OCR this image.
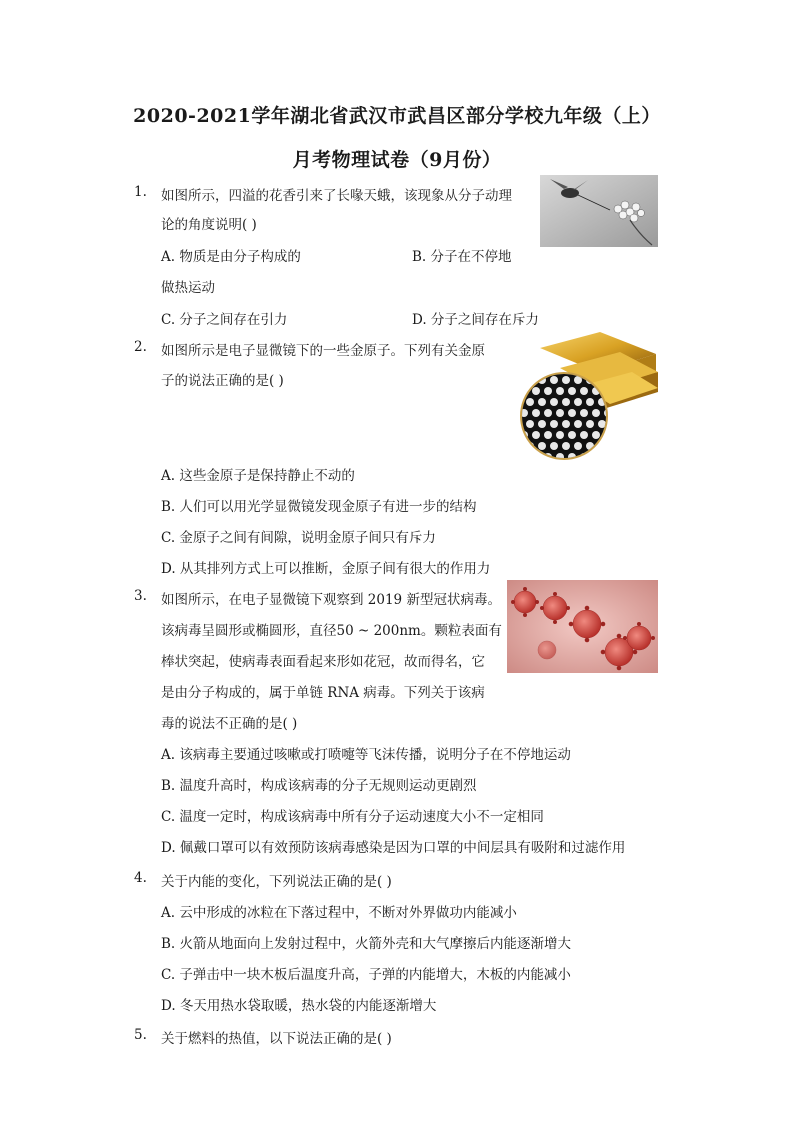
2020-2021学年湖北省武汉市武昌区部分学校九年级（上）
月考物理试卷（9月份）
1.	如图所示，四溢的花香引来了长喙天蛾，该现象从分子动理
论的角度说明( )
A. 物质是由分子构成的	B. 分子在不停地
做热运动
C. 分子之间存在引力	D. 分子之间存在斥力
2.	如图所示是电子显微镜下的一些金原子。下列有关金原
子的说法正确的是( )
A. 这些金原子是保持静止不动的
B. 人们可以用光学显微镜发现金原子有进一步的结构
C. 金原子之间有间隙，说明金原子间只有斥力
D. 从其排列方式上可以推断，金原子间有很大的作用力
3.	如图所示，在电子显微镜下观察到 2019 新型冠状病毒。
该病毒呈圆形或椭圆形，直径50 ~ 200nm。颗粒表面有
棒状突起，使病毒表面看起来形如花冠，故而得名，它
是由分子构成的，属于单链 RNA 病毒。下列关于该病
毒的说法不正确的是( )
A. 该病毒主要通过咳嗽或打喷嚏等飞沫传播，说明分子在不停地运动
B. 温度升高时，构成该病毒的分子无规则运动更剧烈
C. 温度一定时，构成该病毒中所有分子运动速度大小不一定相同
D. 佩戴口罩可以有效预防该病毒感染是因为口罩的中间层具有吸附和过滤作用
4.	关于内能的变化，下列说法正确的是( )
A. 云中形成的冰粒在下落过程中，不断对外界做功内能减小
B. 火箭从地面向上发射过程中，火箭外壳和大气摩擦后内能逐渐增大
C. 子弹击中一块木板后温度升高，子弹的内能增大，木板的内能减小
D. 冬天用热水袋取暖，热水袋的内能逐渐增大
5.	关于燃料的热值，以下说法正确的是( )
